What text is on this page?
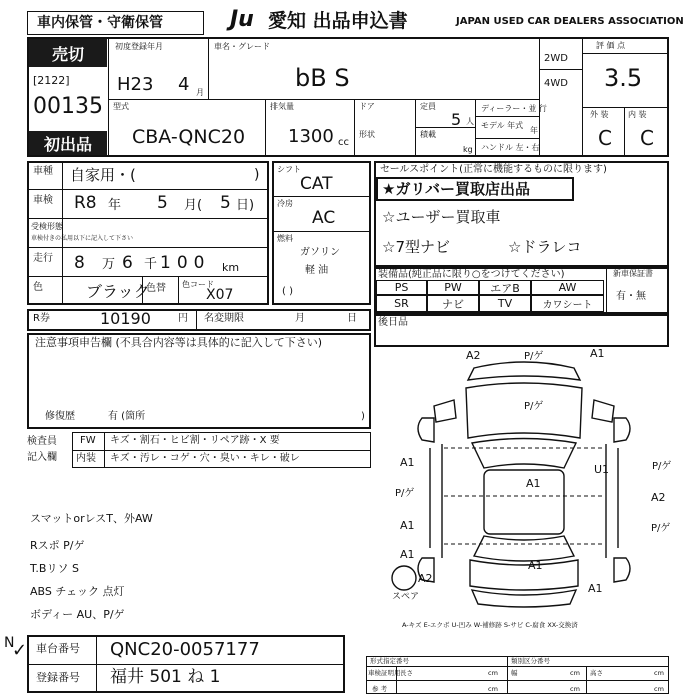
車内保管・守衛保管	Ju 愛知 出品申込書	JAPAN USED CAR DEALERS ASSOCIATION
売切
[2122]
00135
初出品
初度登録年月
H23 4 月
車名・グレード
bB S
2WD
4WD
評 価 点
3.5
外 装 内 装
C C
型式
CBA-QNC20
排気量
1300 cc
ドア
形状
定員
5 人
積載
kg
ディーラー・並 行
モデル 年式
年
ハンドル 左・右
車種 自家用・(	)
車検 R8 年 5 月( 5 日)
受検形態
車検付きの私用以下に記入して下さい
走行 8 万 6 千 100 km
色	ブラック
色替 色コード
X07
シフト
CAT
冷房
AC
燃料
ガソリン
軽 油
( )
R券	10190	円 名変期限	月	日
注意事項申告欄 (不具合内容等は具体的に記入して下さい)
修復歴	有 (箇所	)
検査員
記入欄
FW キズ・割石・ヒビ割・リペア跡・X 要
内装 キズ・汚レ・コゲ・穴・臭い・キレ・破レ
スマットorレスT、外AW
Rスポ P/ゲ
T.Bリソ S
ABS チェック 点灯
ボディー AU、P/ゲ
セールスポイント(正常に機能するものに限ります)
★ガリバー買取店出品
☆ユーザー買取車
☆7型ナビ	☆ドラレコ
装備品(純正品に限り○をつけてください)
PS	PW	エアB	AW
SR	ナビ	TV	カワシート
新車保証書
有・無
後日品
A2	P/ゲ	A1
P/ゲ
A1
A1
P/ゲ
A1
U1	P/ゲ
A2
P/ゲ
A1
A1
A2
A1
スペア
A-キズ E-エクボ U-凹み W-補修跡 S-サビ C-腐食 XX-交換済
N
✓ 車台番号 QNC20-0057177
登録番号 福井 501 ね 1
形式指定番号	類別区分番号
車検証明用
参 考
長さ	cm 幅	cm 高さ	cm
cm	cm	cm
